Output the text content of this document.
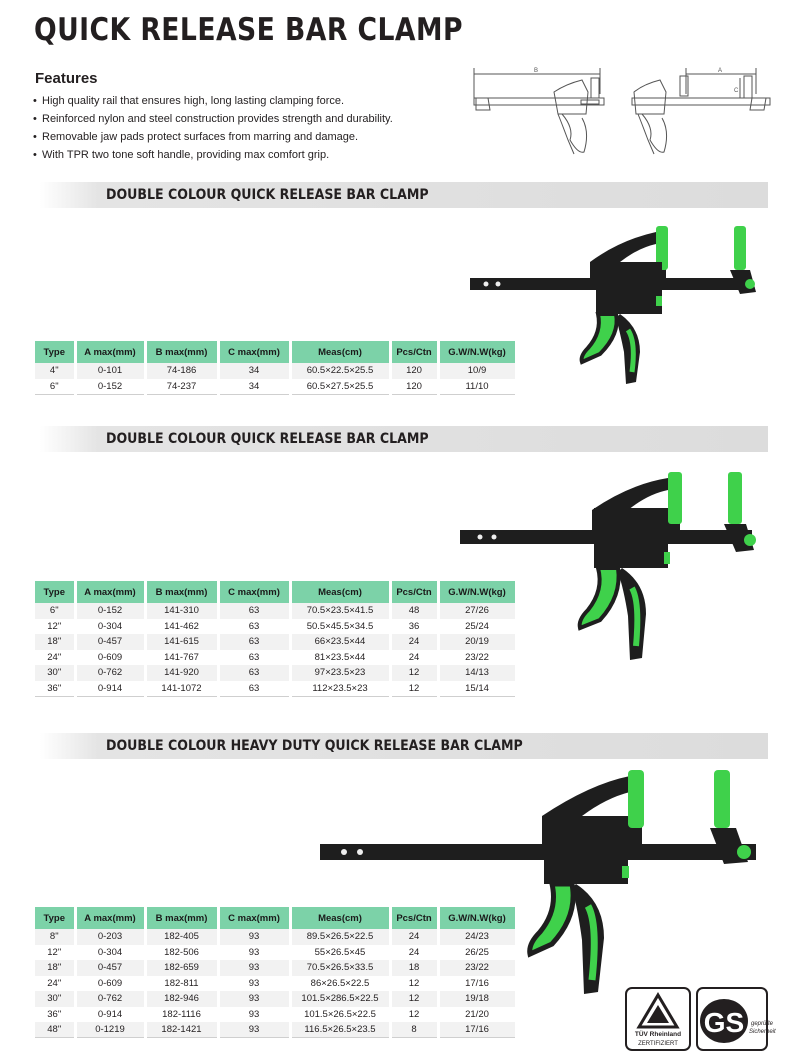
QUICK RELEASE BAR CLAMP
Features
• High quality rail that ensures high, long lasting clamping force.
• Reinforced nylon and steel construction provides strength and durability.
• Removable jaw pads protect surfaces from marring and damage.
• With TPR two tone soft handle, providing max comfort grip.
B	A
C
DOUBLE COLOUR QUICK RELEASE BAR CLAMP
Type	A max(mm)	B max(mm)	C max(mm)	Meas(cm)	Pcs/Ctn	G.W/N.W(kg)
4"	0-101	74-186	34	60.5×22.5×25.5	120	10/9
6"	0-152	74-237	34	60.5×27.5×25.5	120	11/10
DOUBLE COLOUR QUICK RELEASE BAR CLAMP
Type	A max(mm)	B max(mm)	C max(mm)	Meas(cm)	Pcs/Ctn	G.W/N.W(kg)
6"	0-152	141-310	63	70.5×23.5×41.5	48	27/26
12"	0-304	141-462	63	50.5×45.5×34.5	36	25/24
18"	0-457	141-615	63	66×23.5×44	24	20/19
24"	0-609	141-767	63	81×23.5×44	24	23/22
30"	0-762	141-920	63	97×23.5×23	12	14/13
36"	0-914	141-1072	63	112×23.5×23	12	15/14
DOUBLE COLOUR HEAVY DUTY QUICK RELEASE BAR CLAMP
Type	A max(mm)	B max(mm)	C max(mm)	Meas(cm)	Pcs/Ctn	G.W/N.W(kg)
8"	0-203	182-405	93	89.5×26.5×22.5	24	24/23
12"	0-304	182-506	93	55×26.5×45	24	26/25
18"	0-457	182-659	93	70.5×26.5×33.5	18	23/22
24"	0-609	182-811	93	86×26.5×22.5	12	17/16
30"	0-762	182-946	93	101.5×286.5×22.5	12	19/18
36"	0-914	182-1116	93	101.5×26.5×22.5	12	21/20
48"	0-1219	182-1421	93	116.5×26.5×23.5	8	17/16	TÜV Rheinland
ZERTIFIZIERT
GS geprüfte
Sicherheit
